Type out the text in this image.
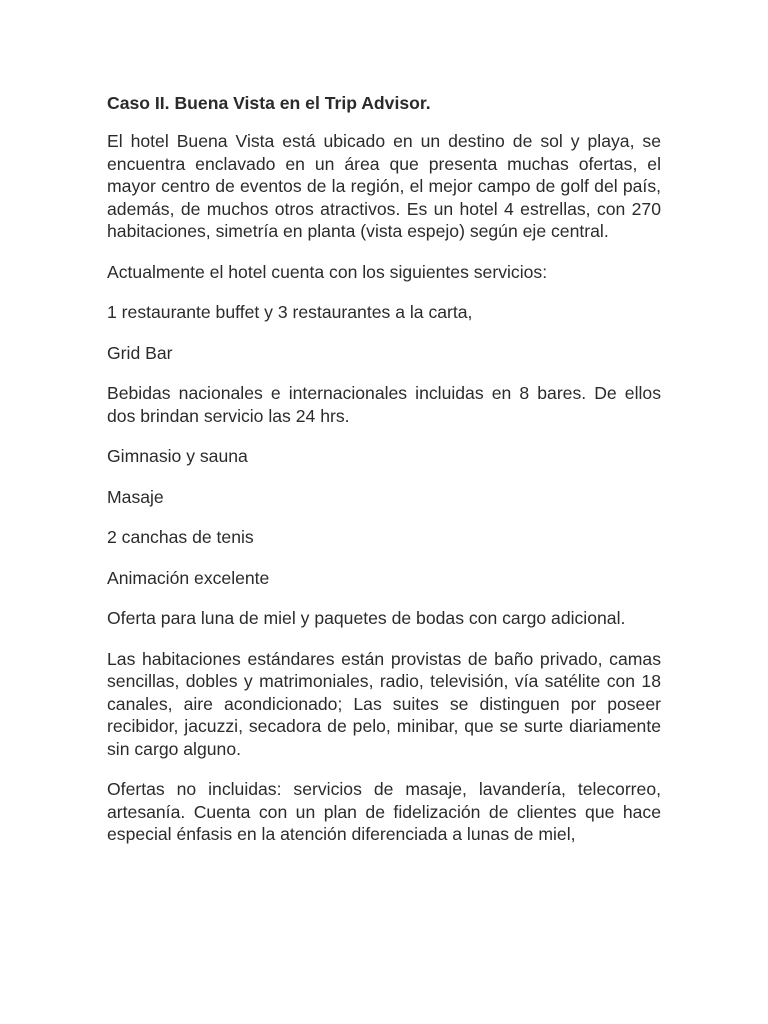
Caso II. Buena Vista en el Trip Advisor.

El hotel Buena Vista está ubicado en un destino de sol y playa, se encuentra enclavado en un área que presenta muchas ofertas, el mayor centro de eventos de la región, el mejor campo de golf del país, además, de muchos otros atractivos. Es un hotel 4 estrellas, con 270 habitaciones, simetría en planta (vista espejo) según eje central.

Actualmente el hotel cuenta con los siguientes servicios:

1 restaurante buffet y 3 restaurantes a la carta,

Grid Bar

Bebidas nacionales e internacionales incluidas en 8 bares. De ellos dos brindan servicio las 24 hrs.

Gimnasio y sauna

Masaje

2 canchas de tenis

Animación excelente

Oferta para luna de miel y paquetes de bodas con cargo adicional.

Las habitaciones estándares están provistas de baño privado, camas sencillas, dobles y matrimoniales, radio, televisión, vía satélite con 18 canales, aire acondicionado; Las suites se distinguen por poseer recibidor, jacuzzi, secadora de pelo, minibar, que se surte diariamente sin cargo alguno.

Ofertas no incluidas: servicios de masaje, lavandería, telecorreo, artesanía. Cuenta con un plan de fidelización de clientes que hace especial énfasis en la atención diferenciada a lunas de miel,
